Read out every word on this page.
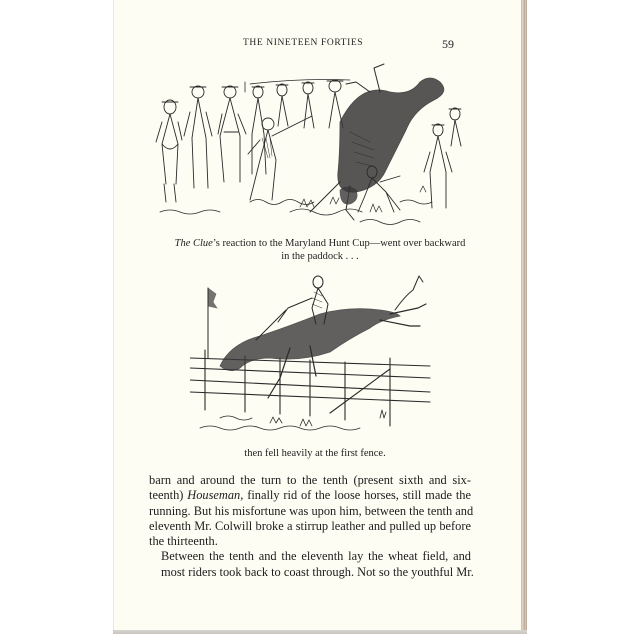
THE NINETEEN FORTIES	59
The Clue’s reaction to the Maryland Hunt Cup—went over backward
in the paddock . . .
then fell heavily at the first fence.

barn and around the turn to the tenth (present sixth and six-
teenth) Houseman, finally rid of the loose horses, still made the
running. But his misfortune was upon him, between the tenth and
eleventh Mr. Colwill broke a stirrup leather and pulled up before
the thirteenth.

Between the tenth and the eleventh lay the wheat field, and
most riders took back to coast through. Not so the youthful Mr.
